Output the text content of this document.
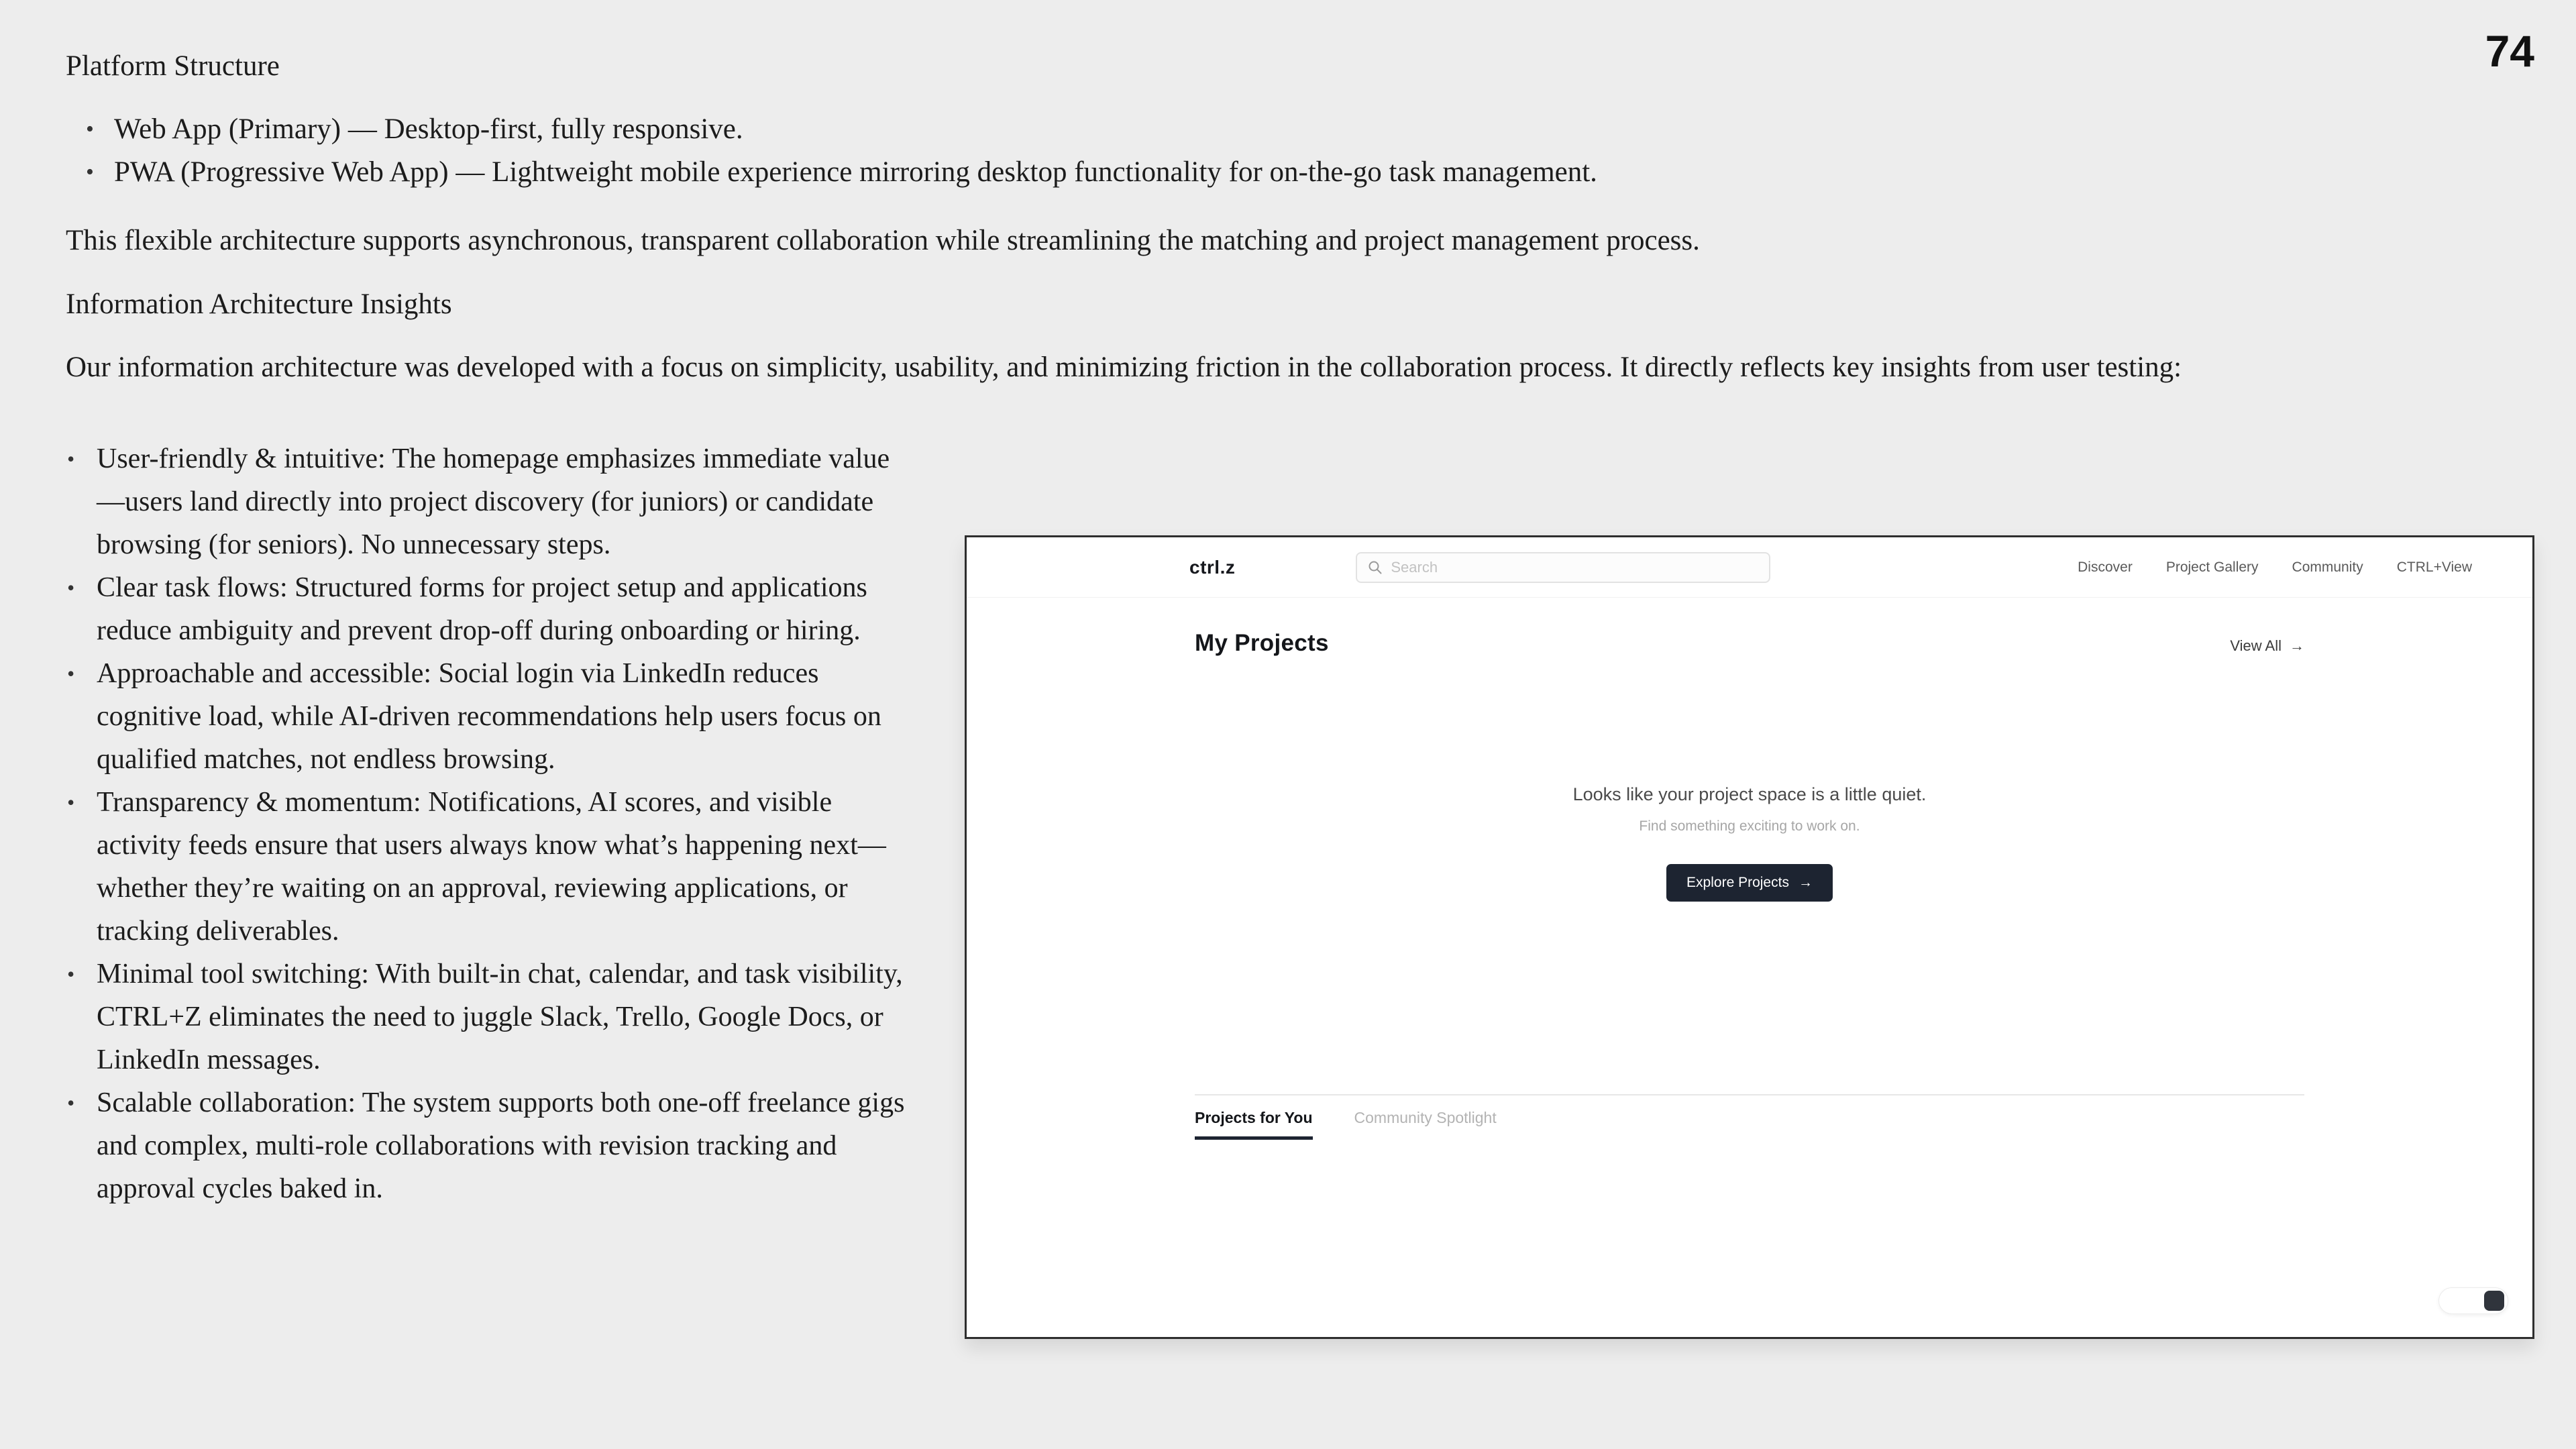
74
Platform Structure
• Web App (Primary) — Desktop-first, fully responsive.
• PWA (Progressive Web App) — Lightweight mobile experience mirroring desktop functionality for on-the-go task management.

This flexible architecture supports asynchronous, transparent collaboration while streamlining the matching and project management process.

Information Architecture Insights

Our information architecture was developed with a focus on simplicity, usability, and minimizing friction in the collaboration process. It directly reflects key insights from user testing:

• User-friendly & intuitive: The homepage emphasizes immediate value—users land directly into project discovery (for juniors) or candidate browsing (for seniors). No unnecessary steps.
• Clear task flows: Structured forms for project setup and applications reduce ambiguity and prevent drop-off during onboarding or hiring.
• Approachable and accessible: Social login via LinkedIn reduces cognitive load, while AI-driven recommendations help users focus on qualified matches, not endless browsing.
• Transparency & momentum: Notifications, AI scores, and visible activity feeds ensure that users always know what’s happening next—whether they’re waiting on an approval, reviewing applications, or tracking deliverables.
• Minimal tool switching: With built-in chat, calendar, and task visibility, CTRL+Z eliminates the need to juggle Slack, Trello, Google Docs, or LinkedIn messages.
• Scalable collaboration: The system supports both one-off freelance gigs and complex, multi-role collaborations with revision tracking and approval cycles baked in.
ctrl.z
Search	Discover Project Gallery Community CTRL+View
My Projects	View All →
Looks like your project space is a little quiet.
Find something exciting to work on.
Explore Projects →
Projects for You	Community Spotlight
